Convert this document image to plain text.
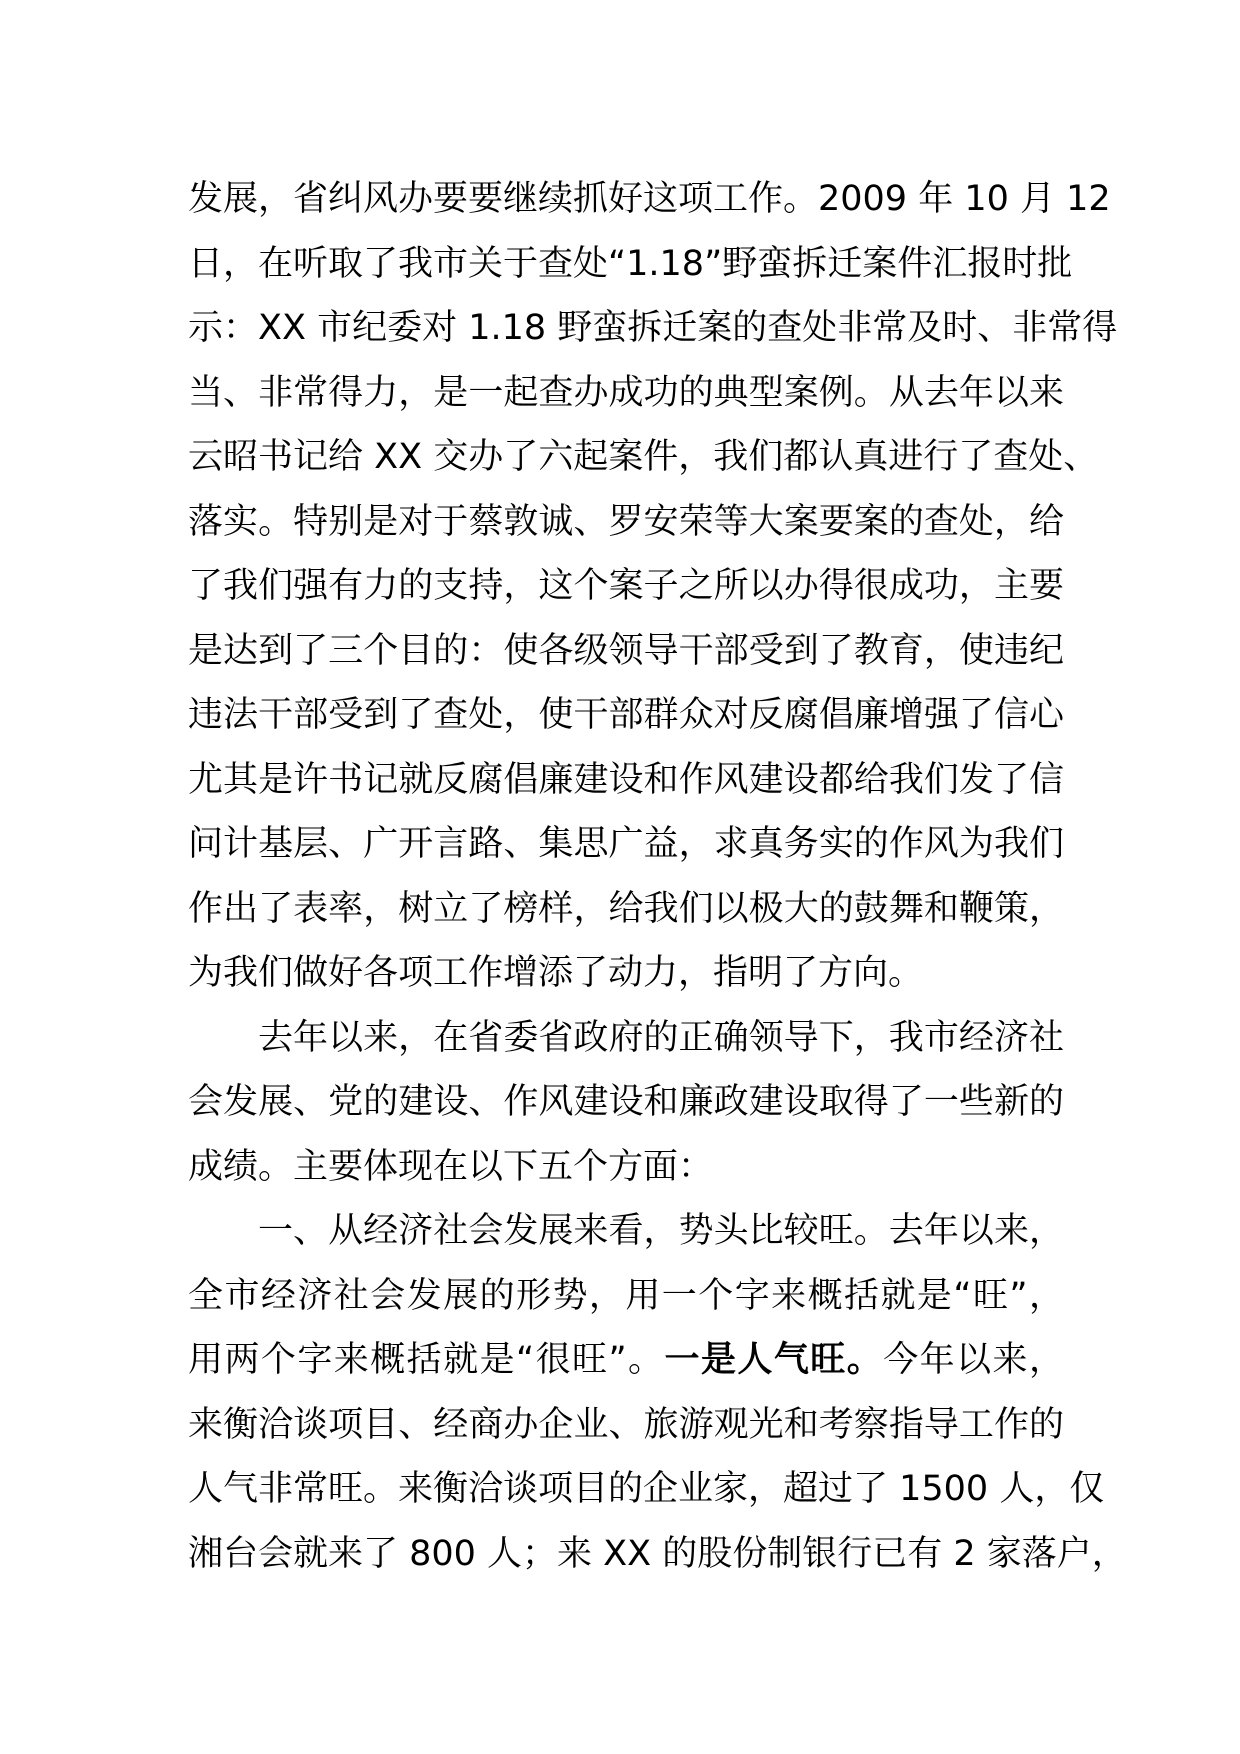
发展，省纠风办要要继续抓好这项工作。2009 年 10 月 12
日，在听取了我市关于查处“1.18”野蛮拆迁案件汇报时批
示：XX 市纪委对 1.18 野蛮拆迁案的查处非常及时、非常得
当、非常得力，是一起查办成功的典型案例。从去年以来
云昭书记给 XX 交办了六起案件，我们都认真进行了查处、
落实。特别是对于蔡敦诚、罗安荣等大案要案的查处，给
了我们强有力的支持，这个案子之所以办得很成功，主要
是达到了三个目的：使各级领导干部受到了教育，使违纪
违法干部受到了查处，使干部群众对反腐倡廉增强了信心
尤其是许书记就反腐倡廉建设和作风建设都给我们发了信
问计基层、广开言路、集思广益，求真务实的作风为我们
作出了表率，树立了榜样，给我们以极大的鼓舞和鞭策，
为我们做好各项工作增添了动力，指明了方向。
去年以来，在省委省政府的正确领导下，我市经济社
会发展、党的建设、作风建设和廉政建设取得了一些新的
成绩。主要体现在以下五个方面：
一、从经济社会发展来看，势头比较旺。去年以来，
全市经济社会发展的形势，用一个字来概括就是“旺”，
用两个字来概括就是“很旺”。一是人气旺。今年以来，
来衡洽谈项目、经商办企业、旅游观光和考察指导工作的
人气非常旺。来衡洽谈项目的企业家，超过了 1500 人，仅
湘台会就来了 800 人；来 XX 的股份制银行已有 2 家落户，
